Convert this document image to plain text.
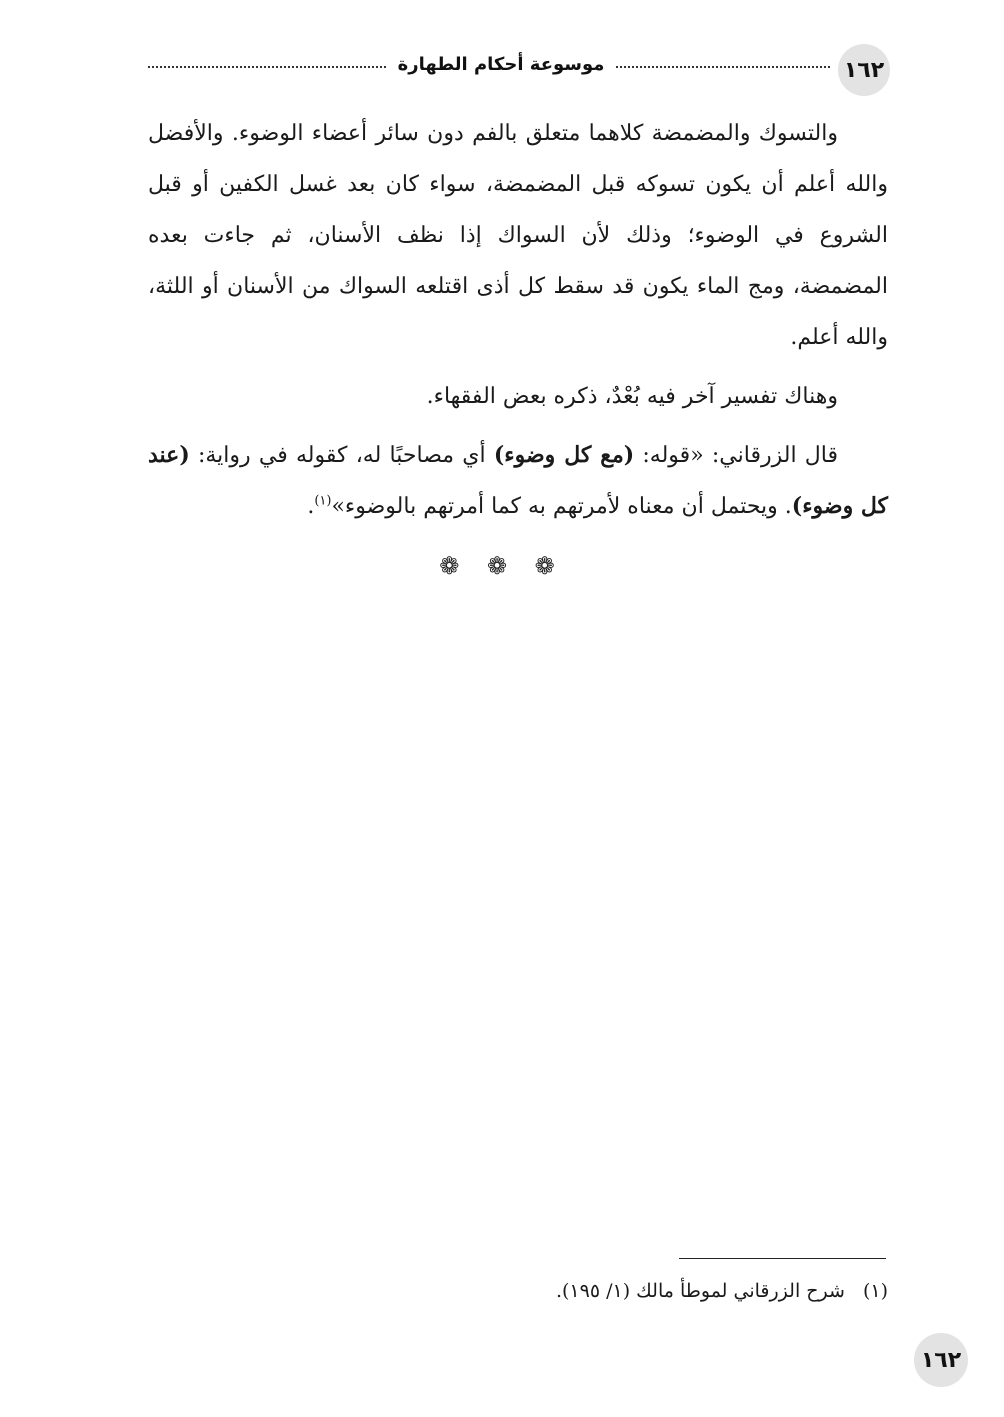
١٦٢
موسوعة أحكام الطهارة

والتسوك والمضمضة كلاهما متعلق بالفم دون سائر أعضاء الوضوء. والأفضل والله أعلم أن يكون تسوكه قبل المضمضة، سواء كان بعد غسل الكفين أو قبل الشروع في الوضوء؛ وذلك لأن السواك إذا نظف الأسنان، ثم جاءت بعده المضمضة، ومج الماء يكون قد سقط كل أذى اقتلعه السواك من الأسنان أو اللثة، والله أعلم.

وهناك تفسير آخر فيه بُعْدٌ، ذكره بعض الفقهاء.

قال الزرقاني: «قوله: (مع كل وضوء) أي مصاحبًا له، كقوله في رواية: (عند كل وضوء). ويحتمل أن معناه لأمرتهم به كما أمرتهم بالوضوء»$^{(١)}$.

❁ ❁ ❁
(١)شرح الزرقاني لموطأ مالك (١/ ١٩٥).
١٦٢
